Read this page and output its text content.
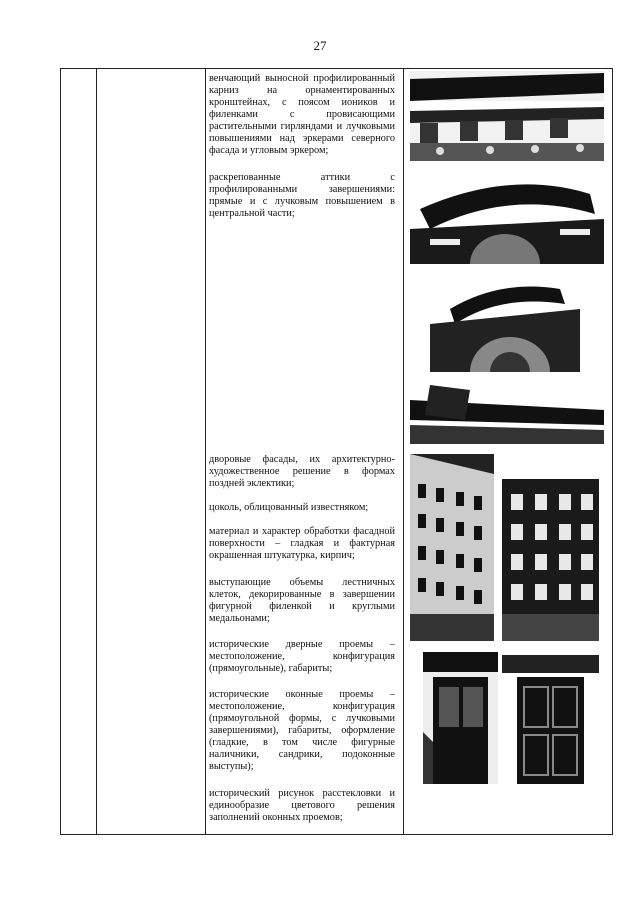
27

венчающий выносной профилированный карниз на орнаментированных кронштейнах, с поясом иоников и филенками с провисающими растительными гирляндами и лучковыми повышениями над эркерами северного фасада и угловым эркером;

раскрепованные аттики с профилированными завершениями: прямые и с лучковым повышением в центральной части;

дворовые фасады, их архитектурно-художественное решение в формах поздней эклектики;

цоколь, облицованный известняком;

материал и характер обработки фасадной поверхности – гладкая и фактурная окрашенная штукатурка, кирпич;

выступающие объемы лестничных клеток, декорированные в завершении фигурной филенкой и круглыми медальонами;

исторические дверные проемы – местоположение, конфигурация (прямоугольные), габариты;

исторические оконные проемы – местоположение, конфигурация (прямоугольной формы, с лучковыми завершениями), габариты, оформление (гладкие, в том числе фигурные наличники, сандрики, подоконные выступы);

исторический рисунок расстекловки и единообразие цветового решения заполнений оконных проемов;
